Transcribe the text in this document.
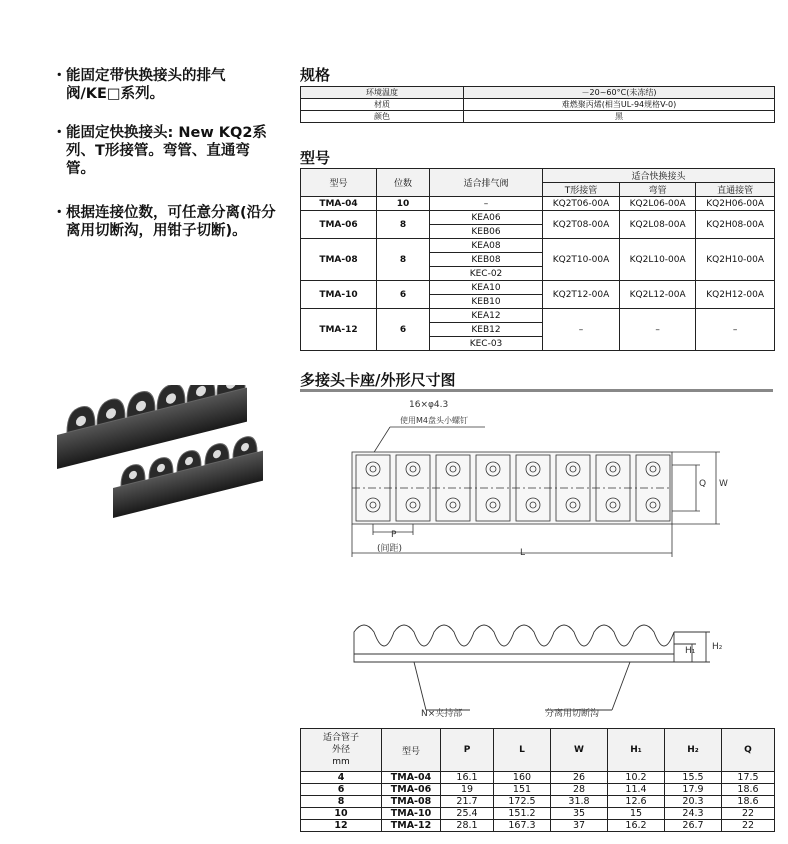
・ 能固定带快换接头的排气阀/KE□系列。
・ 能固定快换接头: New KQ2系列、T形接管。弯管、直通弯管。
・ 根据连接位数，可任意分离(沿分离用切断沟，用钳子切断)。
规格
环境温度	－20~60°C(未冻结)
材质	难燃聚丙烯(相当UL-94规格V-0)
颜色	黑
型号
型号	位数	适合排气阀	适合快换接头		
			T形接管	弯管	直通接管
TMA-04	10	–	KQ2T06-00A	KQ2L06-00A	KQ2H06-00A
TMA-06	8	KEA06	KQ2T08-00A	KQ2L08-00A	KQ2H08-00A
		KEB06			
TMA-08	8	KEA08	KQ2T10-00A	KQ2L10-00A	KQ2H10-00A
		KEB08			
		KEC-02			
TMA-10	6	KEA10	KQ2T12-00A	KQ2L12-00A	KQ2H12-00A
		KEB10			
TMA-12	6	KEA12	–	–	–
		KEB12			
		KEC-03			
多接头卡座/外形尺寸图
16×φ4.3
使用M4盘头小螺钉
P
(间距)	L
Q W
H₁ H₂
N×夹持部	分离用切断沟
适合管子
外径
mm	型号	P	L	W	H₁	H₂	Q
4	TMA-04	16.1	160	26	10.2	15.5	17.5
6	TMA-06	19	151	28	11.4	17.9	18.6
8	TMA-08	21.7	172.5	31.8	12.6	20.3	18.6
10	TMA-10	25.4	151.2	35	15	24.3	22
12	TMA-12	28.1	167.3	37	16.2	26.7	22
